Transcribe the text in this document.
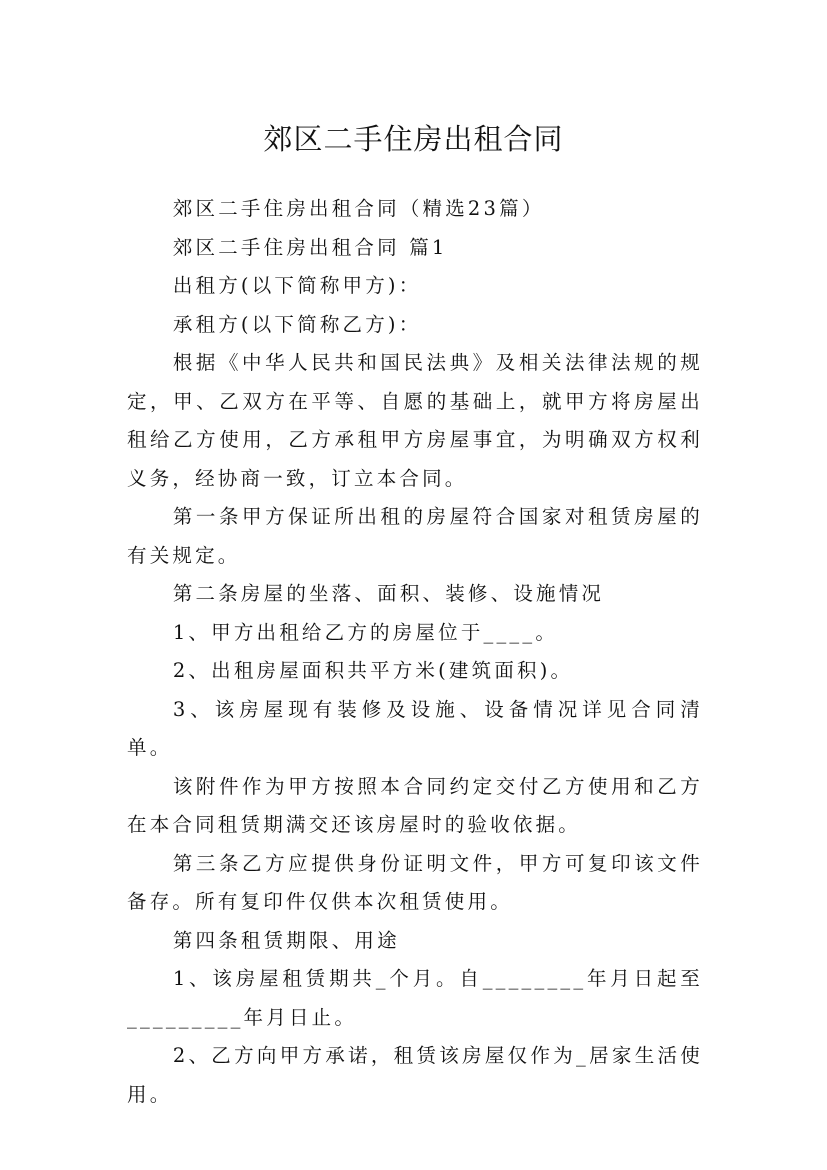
郊区二手住房出租合同

郊区二手住房出租合同（精选23篇）

郊区二手住房出租合同 篇1

出租方(以下简称甲方)：

承租方(以下简称乙方)：

根据《中华人民共和国民法典》及相关法律法规的规定，甲、乙双方在平等、自愿的基础上，就甲方将房屋出租给乙方使用，乙方承租甲方房屋事宜，为明确双方权利义务，经协商一致，订立本合同。

第一条甲方保证所出租的房屋符合国家对租赁房屋的有关规定。

第二条房屋的坐落、面积、装修、设施情况

1、甲方出租给乙方的房屋位于____。

2、出租房屋面积共平方米(建筑面积)。

3、该房屋现有装修及设施、设备情况详见合同清单。

该附件作为甲方按照本合同约定交付乙方使用和乙方在本合同租赁期满交还该房屋时的验收依据。

第三条乙方应提供身份证明文件，甲方可复印该文件备存。所有复印件仅供本次租赁使用。

第四条租赁期限、用途

1、该房屋租赁期共_个月。自________年月日起至_________年月日止。

2、乙方向甲方承诺，租赁该房屋仅作为_居家生活使用。
